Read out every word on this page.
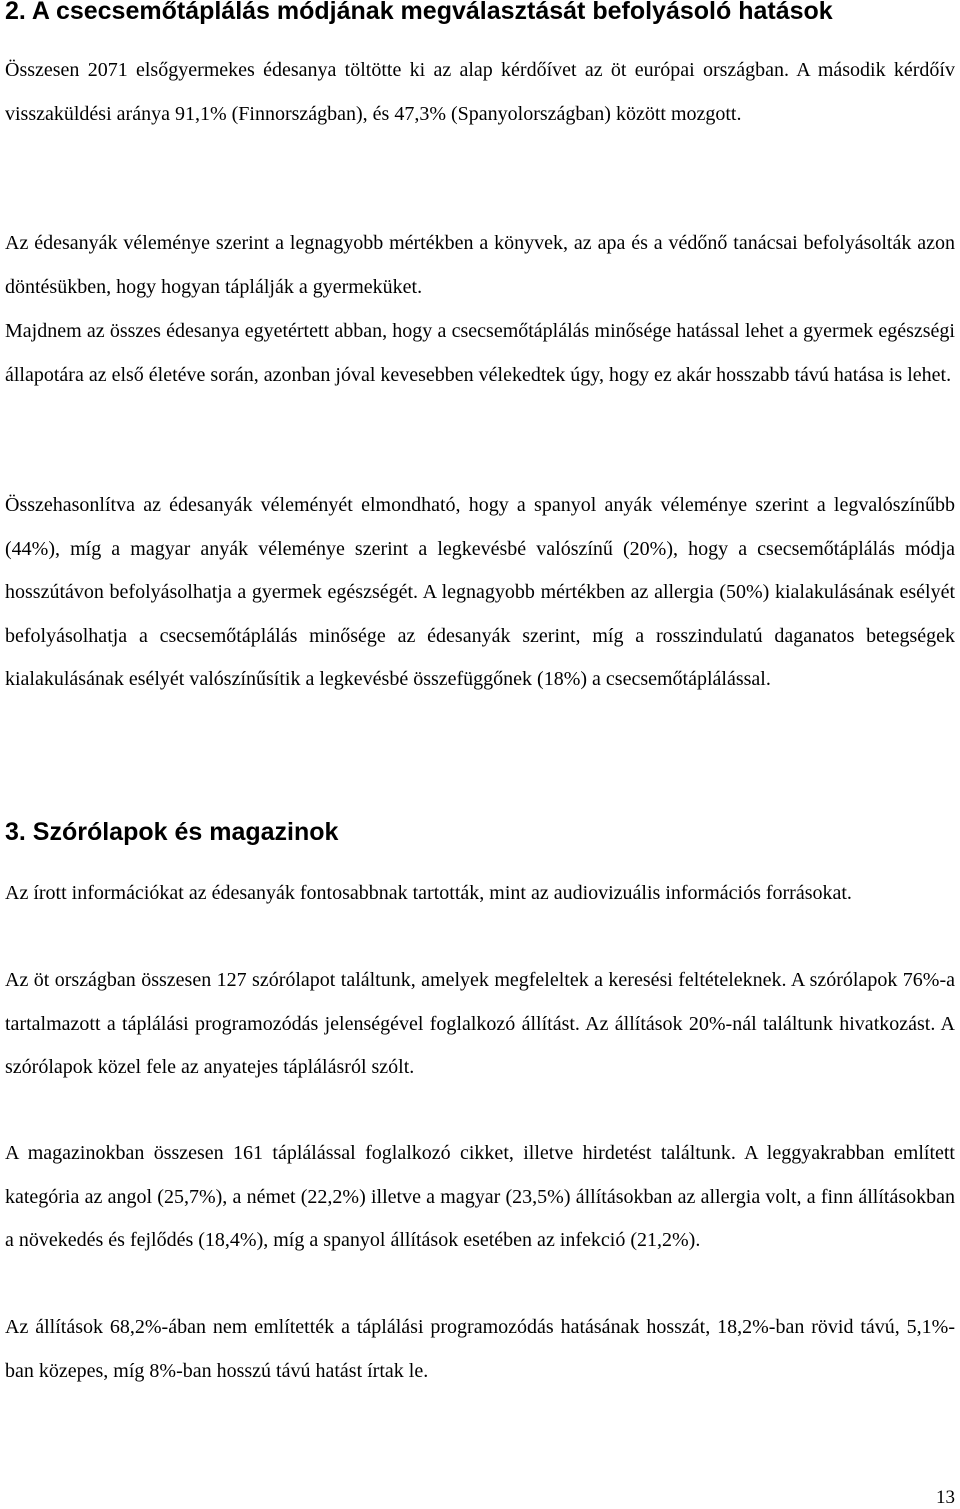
2. A csecsemőtáplálás módjának megválasztását befolyásoló hatások

Összesen 2071 elsőgyermekes édesanya töltötte ki az alap kérdőívet az öt európai országban. A második kérdőív visszaküldési aránya 91,1% (Finnországban), és 47,3% (Spanyolországban) között mozgott.

Az édesanyák véleménye szerint a legnagyobb mértékben a könyvek, az apa és a védőnő tanácsai befolyásolták azon döntésükben, hogy hogyan táplálják a gyermeküket.

Majdnem az összes édesanya egyetértett abban, hogy a csecsemőtáplálás minősége hatással lehet a gyermek egészségi állapotára az első életéve során, azonban jóval kevesebben vélekedtek úgy, hogy ez akár hosszabb távú hatása is lehet.

Összehasonlítva az édesanyák véleményét elmondható, hogy a spanyol anyák véleménye szerint a legvalószínűbb (44%), míg a magyar anyák véleménye szerint a legkevésbé valószínű (20%), hogy a csecsemőtáplálás módja hosszútávon befolyásolhatja a gyermek egészségét. A legnagyobb mértékben az allergia (50%) kialakulásának esélyét befolyásolhatja a csecsemőtáplálás minősége az édesanyák szerint, míg a rosszindulatú daganatos betegségek kialakulásának esélyét valószínűsítik a legkevésbé összefüggőnek (18%) a csecsemőtáplálással.

3. Szórólapok és magazinok

Az írott információkat az édesanyák fontosabbnak tartották, mint az audiovizuális információs forrásokat.

Az öt országban összesen 127 szórólapot találtunk, amelyek megfeleltek a keresési feltételeknek. A szórólapok 76%-a tartalmazott a táplálási programozódás jelenségével foglalkozó állítást. Az állítások 20%-nál találtunk hivatkozást. A szórólapok közel fele az anyatejes táplálásról szólt.

A magazinokban összesen 161 táplálással foglalkozó cikket, illetve hirdetést találtunk. A leggyakrabban említett kategória az angol (25,7%), a német (22,2%) illetve a magyar (23,5%) állításokban az allergia volt, a finn állításokban a növekedés és fejlődés (18,4%), míg a spanyol állítások esetében az infekció (21,2%).

Az állítások 68,2%-ában nem említették a táplálási programozódás hatásának hosszát, 18,2%-ban rövid távú, 5,1%-ban közepes, míg 8%-ban hosszú távú hatást írtak le.

13
